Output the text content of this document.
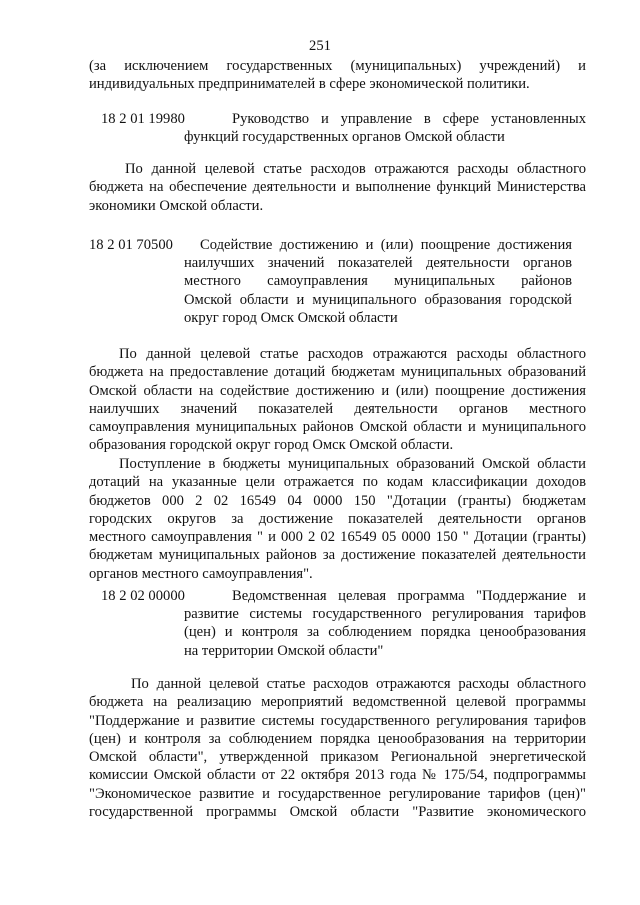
251
(за исключением государственных (муниципальных) учреждений) и
индивидуальных предпринимателей в сфере экономической политики.
18 2 01 19980	Руководство и управление в сфере установленных
функций государственных органов Омской области
По данной целевой статье расходов отражаются расходы областного
бюджета на обеспечение деятельности и выполнение функций Министерства
экономики Омской области.
18 2 01 70500 Содействие достижению и (или) поощрение достижения
наилучших значений показателей деятельности органов
местного самоуправления муниципальных районов
Омской области и муниципального образования городской
округ город Омск Омской области
По данной целевой статье расходов отражаются расходы областного
бюджета на предоставление дотаций бюджетам муниципальных образований
Омской области на содействие достижению и (или) поощрение достижения
наилучших значений показателей деятельности органов местного
самоуправления муниципальных районов Омской области и муниципального
образования городской округ город Омск Омской области.
Поступление в бюджеты муниципальных образований Омской области
дотаций на указанные цели отражается по кодам классификации доходов
бюджетов 000 2 02 16549 04 0000 150 "Дотации (гранты) бюджетам
городских округов за достижение показателей деятельности органов
местного самоуправления " и 000 2 02 16549 05 0000 150 " Дотации (гранты)
бюджетам муниципальных районов за достижение показателей деятельности
органов местного самоуправления".
18 2 02 00000	Ведомственная целевая программа "Поддержание и
развитие системы государственного регулирования тарифов
(цен) и контроля за соблюдением порядка ценообразования
на территории Омской области"
По данной целевой статье расходов отражаются расходы областного
бюджета на реализацию мероприятий ведомственной целевой программы
"Поддержание и развитие системы государственного регулирования тарифов
(цен) и контроля за соблюдением порядка ценообразования на территории
Омской области", утвержденной приказом Региональной энергетической
комиссии Омской области от 22 октября 2013 года № 175/54, подпрограммы
"Экономическое развитие и государственное регулирование тарифов (цен)"
государственной программы Омской области "Развитие экономического
